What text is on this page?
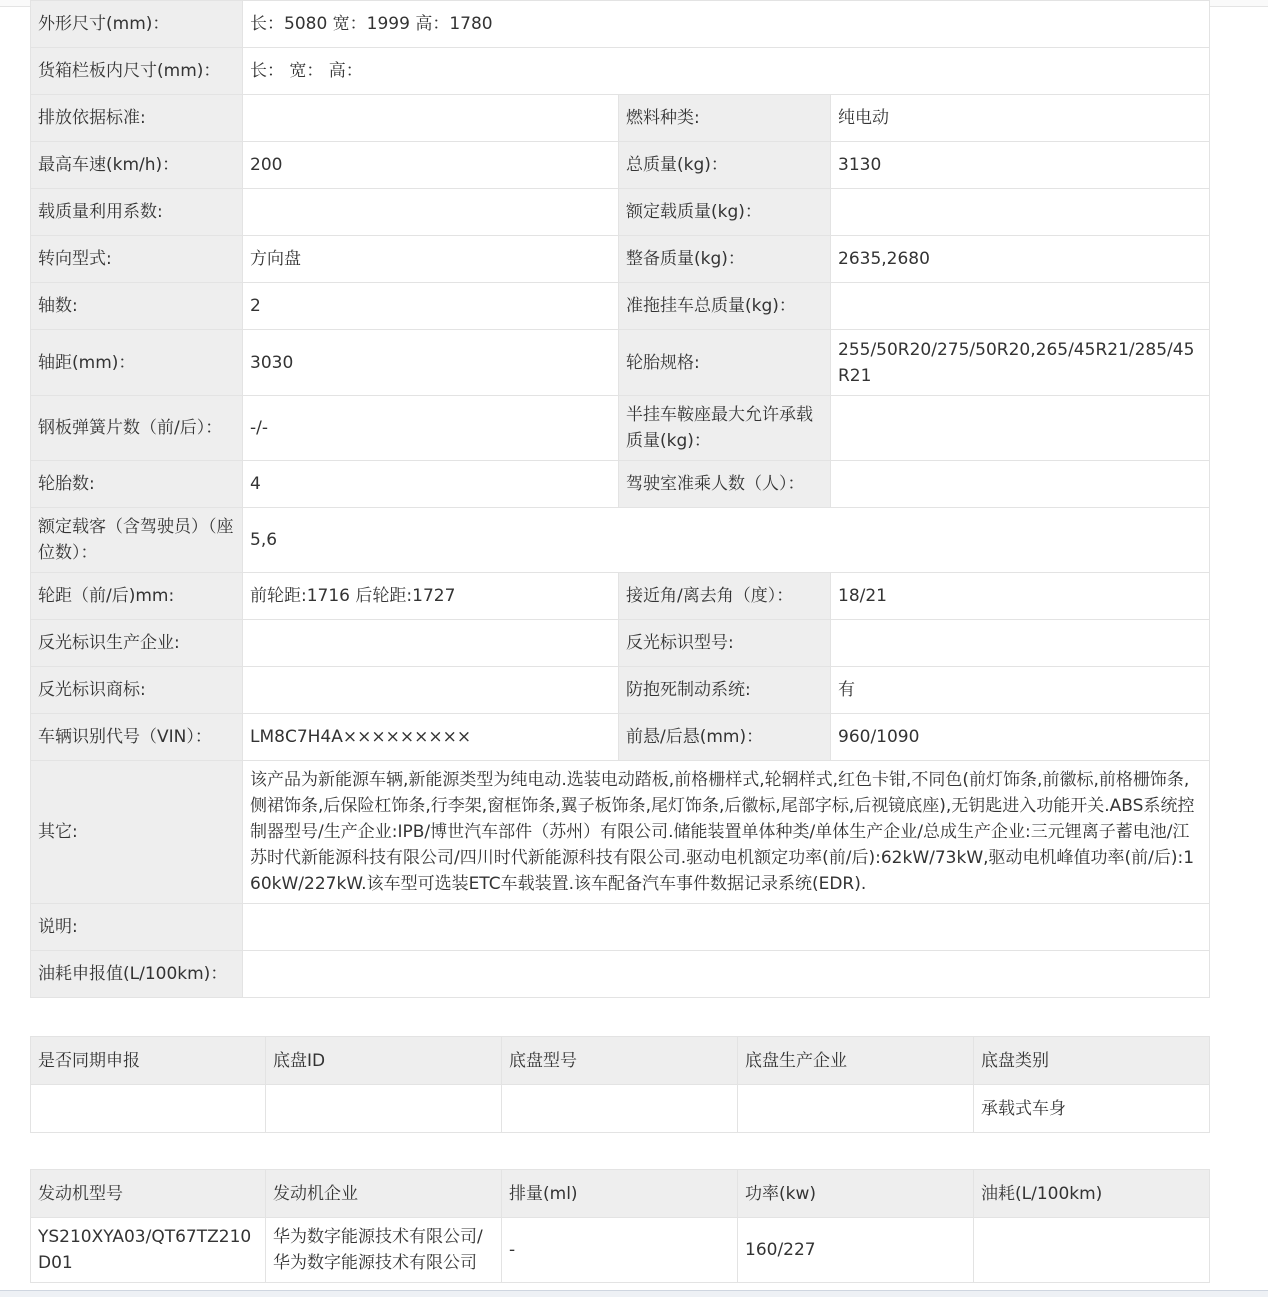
外形尺寸(mm)：	长：5080 宽：1999 高：1780		
货箱栏板内尺寸(mm)：	长： 宽： 高：		
排放依据标准:		燃料种类:	纯电动
最高车速(km/h)：	200	总质量(kg)：	3130
载质量利用系数:		额定载质量(kg)：	
转向型式:	方向盘	整备质量(kg)：	2635,2680
轴数:	2	准拖挂车总质量(kg)：	
轴距(mm)：	3030	轮胎规格:	255/50R20/275/50R20,265/45R21/285/45R21
钢板弹簧片数（前/后）：	-/-	半挂车鞍座最大允许承载质量(kg)：	
轮胎数:	4	驾驶室准乘人数（人）：	
额定载客（含驾驶员）（座位数）：	5,6		
轮距（前/后)mm:	前轮距:1716 后轮距:1727	接近角/离去角（度）：	18/21
反光标识生产企业:		反光标识型号:	
反光标识商标:		防抱死制动系统:	有
车辆识别代号（VIN）：	LM8C7H4A×××××××××	前悬/后悬(mm)：	960/1090
其它:	该产品为新能源车辆,新能源类型为纯电动.选装电动踏板,前格栅样式,轮辋样式,红色卡钳,不同色(前灯饰条,前徽标,前格栅饰条,侧裙饰条,后保险杠饰条,行李架,窗框饰条,翼子板饰条,尾灯饰条,后徽标,尾部字标,后视镜底座),无钥匙进入功能开关.ABS系统控制器型号/生产企业:IPB/博世汽车部件（苏州）有限公司.储能装置单体种类/单体生产企业/总成生产企业:三元锂离子蓄电池/江苏时代新能源科技有限公司/四川时代新能源科技有限公司.驱动电机额定功率(前/后):62kW/73kW,驱动电机峰值功率(前/后):160kW/227kW.该车型可选装ETC车载装置.该车配备汽车事件数据记录系统(EDR).		
说明:			
油耗申报值(L/100km)：			
是否同期申报	底盘ID	底盘型号	底盘生产企业	底盘类别
				承载式车身
发动机型号	发动机企业	排量(ml)	功率(kw)	油耗(L/100km)
YS210XYA03/QT67TZ210D01	华为数字能源技术有限公司/华为数字能源技术有限公司	-	160/227	
